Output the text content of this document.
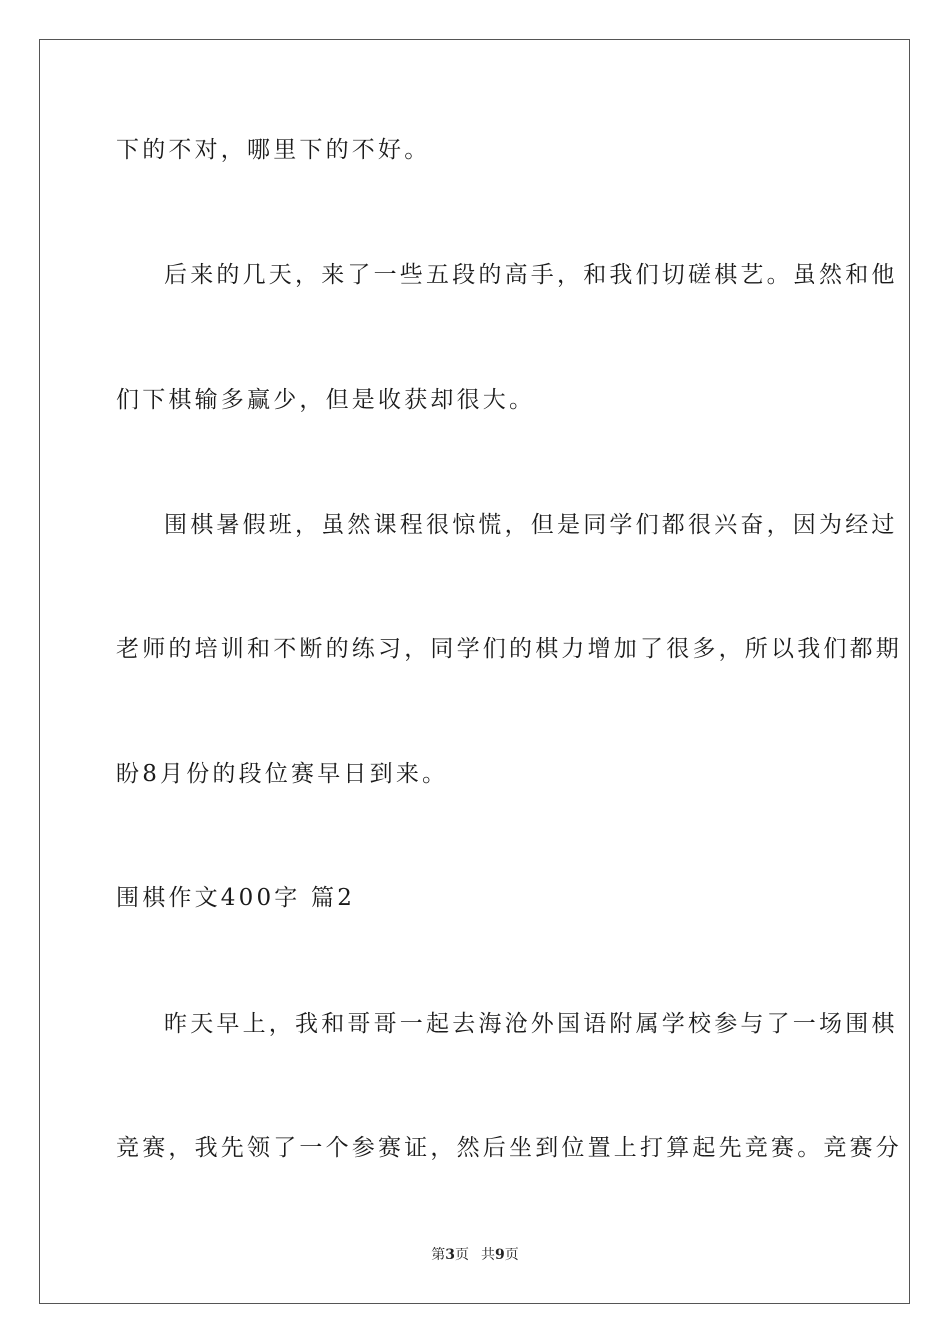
下的不对，哪里下的不好。
后来的几天，来了一些五段的高手，和我们切磋棋艺。虽然和他
们下棋输多赢少，但是收获却很大。
围棋暑假班，虽然课程很惊慌，但是同学们都很兴奋，因为经过
老师的培训和不断的练习，同学们的棋力增加了很多，所以我们都期
盼8月份的段位赛早日到来。
围棋作文400字 篇2
昨天早上，我和哥哥一起去海沧外国语附属学校参与了一场围棋
竞赛，我先领了一个参赛证，然后坐到位置上打算起先竞赛。竞赛分
第3页 共9页
